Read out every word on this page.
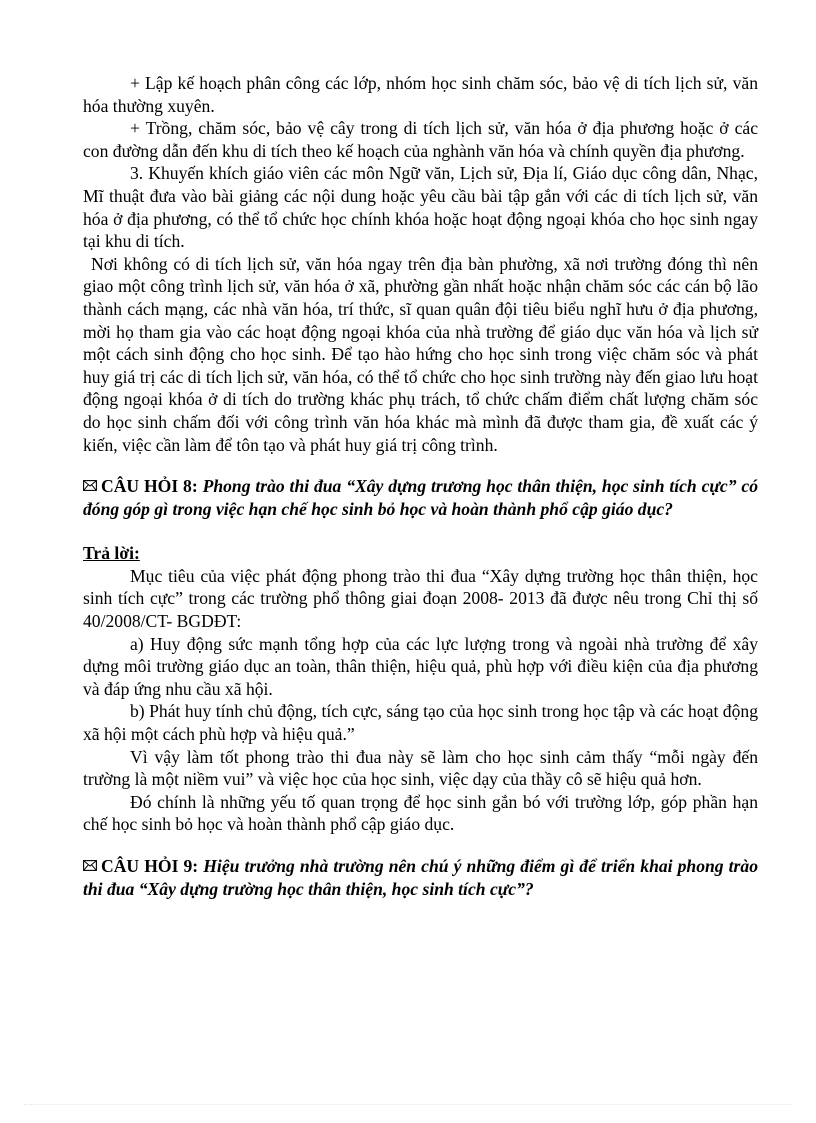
+ Lập kế hoạch phân công các lớp, nhóm học sinh chăm sóc, bảo vệ di tích lịch sử, văn hóa thường xuyên.

+ Trồng, chăm sóc, bảo vệ cây trong di tích lịch sử, văn hóa ở địa phương hoặc ở các con đường dẫn đến khu di tích theo kế hoạch của nghành văn hóa và chính quyền địa phương.

3. Khuyến khích giáo viên các môn Ngữ văn, Lịch sử, Địa lí, Giáo dục công dân, Nhạc, Mĩ thuật đưa vào bài giảng các nội dung hoặc yêu cầu bài tập gắn với các di tích lịch sử, văn hóa ở địa phương, có thể tổ chức học chính khóa hoặc hoạt động ngoại khóa cho học sinh ngay tại khu di tích.

Nơi không có di tích lịch sử, văn hóa ngay trên địa bàn phường, xã nơi trường đóng thì nên giao một công trình lịch sử, văn hóa ở xã, phường gần nhất hoặc nhận chăm sóc các cán bộ lão thành cách mạng, các nhà văn hóa, trí thức, sĩ quan quân đội tiêu biểu nghĩ hưu ở địa phương, mời họ tham gia vào các hoạt động ngoại khóa của nhà trường để giáo dục văn hóa và lịch sử một cách sinh động cho học sinh. Để tạo hào hứng cho học sinh trong việc chăm sóc và phát huy giá trị các di tích lịch sử, văn hóa, có thể tổ chức cho học sinh trường này đến giao lưu hoạt động ngoại khóa ở di tích do trường khác phụ trách, tổ chức chấm điểm chất lượng chăm sóc do học sinh chấm đối với công trình văn hóa khác mà mình đã được tham gia, đề xuất các ý kiến, việc cần làm để tôn tạo và phát huy giá trị công trình.

CÂU HỎI 8: Phong trào thi đua “Xây dựng trương học thân thiện, học sinh tích cực” có đóng góp gì trong việc hạn chế học sinh bỏ học và hoàn thành phổ cập giáo dục?

Trả lời:

Mục tiêu của việc phát động phong trào thi đua “Xây dựng trường học thân thiện, học sinh tích cực” trong các trường phổ thông giai đoạn 2008- 2013 đã được nêu trong Chỉ thị số 40/2008/CT- BGDĐT:

a) Huy động sức mạnh tổng hợp của các lực lượng trong và ngoài nhà trường để xây dựng môi trường giáo dục an toàn, thân thiện, hiệu quả, phù hợp với điều kiện của địa phương và đáp ứng nhu cầu xã hội.

b) Phát huy tính chủ động, tích cực, sáng tạo của học sinh trong học tập và các hoạt động xã hội một cách phù hợp và hiệu quả.”

Vì vậy làm tốt phong trào thi đua này sẽ làm cho học sinh cảm thấy “mỗi ngày đến trường là một niềm vui” và việc học của học sinh, việc dạy của thầy cô sẽ hiệu quả hơn.

Đó chính là những yếu tố quan trọng để học sinh gắn bó với trường lớp, góp phần hạn chế học sinh bỏ học và hoàn thành phổ cập giáo dục.

CÂU HỎI 9: Hiệu trưởng nhà trường nên chú ý những điểm gì để triển khai phong trào thi đua “Xây dựng trường học thân thiện, học sinh tích cực”?
